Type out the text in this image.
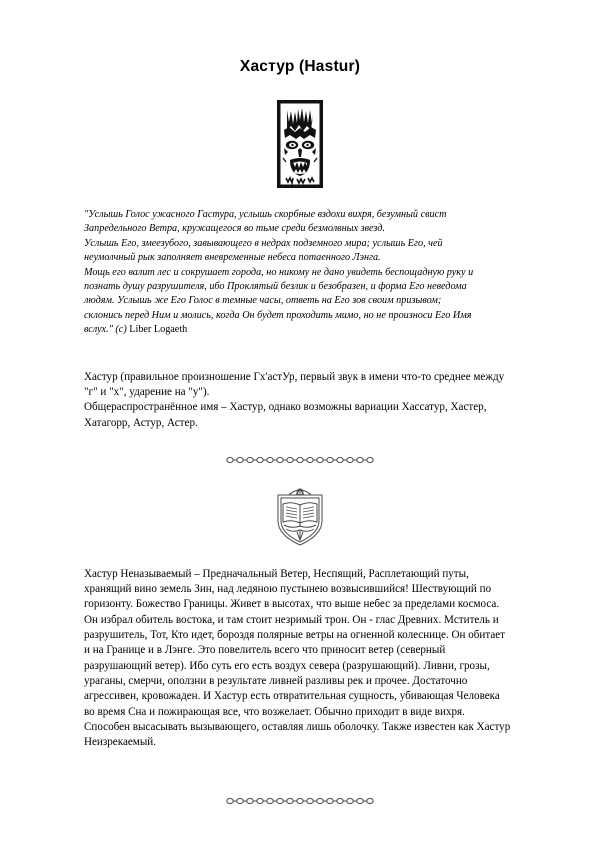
Хастур (Hastur)
"Услышь Голос ужасного Гастура, услышь скорбные вздохи вихря, безумный свист
Запредельного Ветра, кружащегося во тьме среди безмолвных звезд.
Услышь Его, змеезубого, завывающего в недрах подземного мира; услышь Его, чей
неумолчный рык заполняет вневременные небеса потаенного Лэнга.
Мощь его валит лес и сокрушает города, но никому не дано увидеть беспощадную руку и
познать душу разрушителя, ибо Проклятый безлик и безобразен, и форма Его неведома
людям. Услышь же Его Голос в темные часы, ответь на Его зов своим призывом;
склонись перед Ним и молись, когда Он будет проходить мимо, но не произноси Его Имя
вслух." (c) Liber Logaeth
Хастур (правильное произношение Гх'астУр, первый звук в имени что-то среднее между
"г" и "х", ударение на "у").
Общераспространённое имя – Хастур, однако возможны вариации Хассатур, Хастер,
Хатагорр, Астур, Астер.
Хастур Неназываемый – Предначальный Ветер, Неспящий, Расплетающий путы,
хранящий вино земель Зин, над ледяною пустынею возвысившийся! Шествующий по
горизонту. Божество Границы. Живет в высотах, что выше небес за пределами космоса.
Он избрал обитель востока, и там стоит незримый трон. Он - глас Древних. Мститель и
разрушитель, Тот, Кто идет, бороздя полярные ветры на огненной колеснице. Он обитает
и на Границе и в Лэнге. Это повелитель всего что приносит ветер (северный
разрушающий ветер). Ибо суть его есть воздух севера (разрушающий). Ливни, грозы,
ураганы, смерчи, оползни в результате ливней разливы рек и прочее. Достаточно
агрессивен, кровожаден. И Хастур есть отвратительная сущность, убивающая Человека
во время Сна и пожирающая все, что возжелает. Обычно приходит в виде вихря.
Способен высасывать вызывающего, оставляя лишь оболочку. Также известен как Хастур
Неизрекаемый.
